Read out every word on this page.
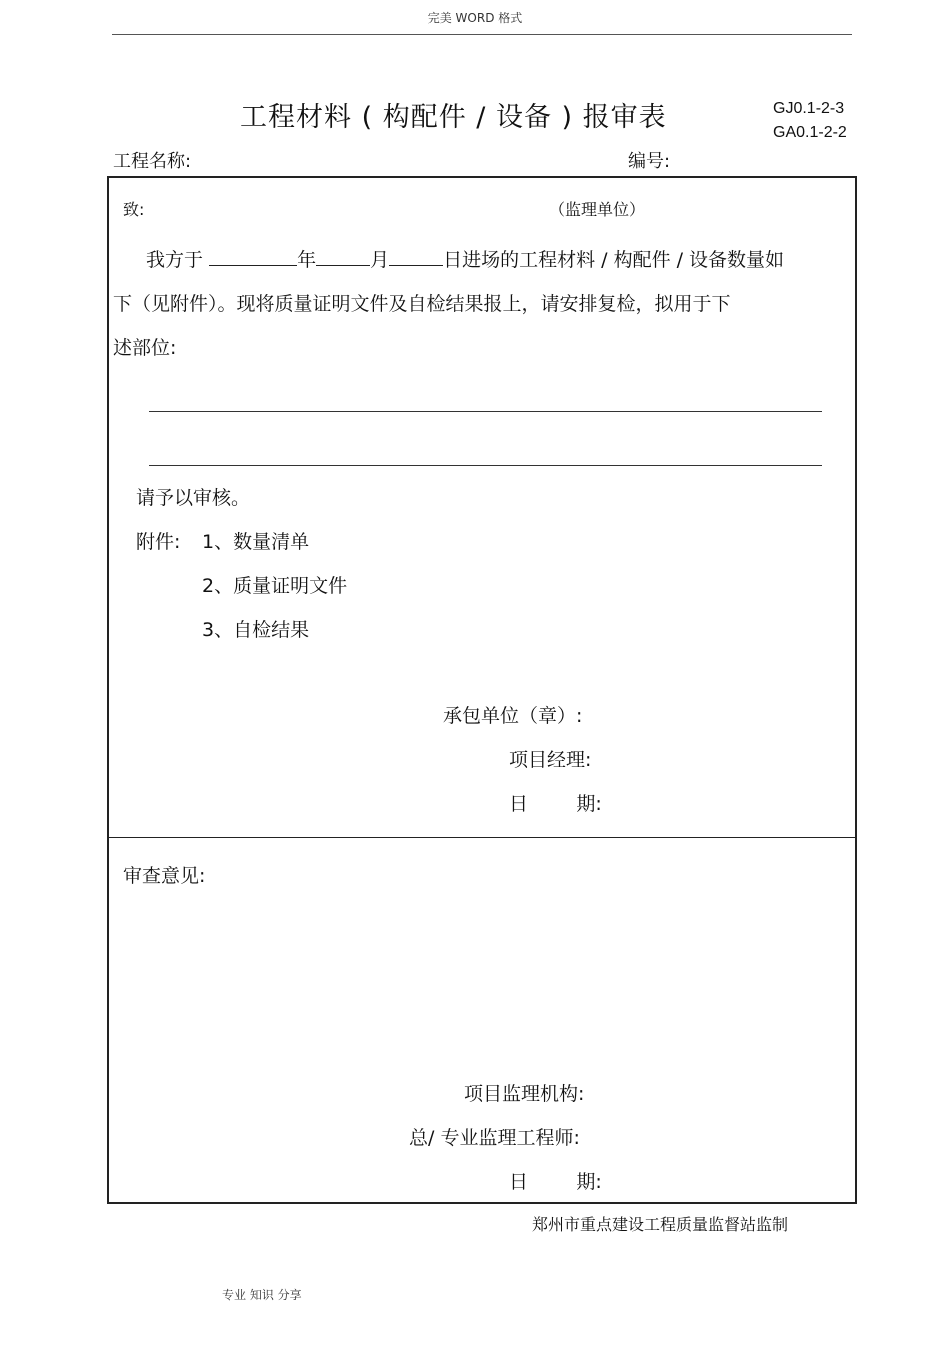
完美 WORD 格式
工程材料 ( 构配件 / 设备 ) 报审表	GJ0.1-2-3
GA0.1-2-2
工程名称:	编号:
致:	（监理单位）
我方于	年	月	日进场的工程材料 / 构配件 / 设备数量如
下（见附件）。现将质量证明文件及自检结果报上，请安排复检，拟用于下
述部位:
请予以审核。
附件: 1、数量清单
2、质量证明文件
3、自检结果
承包单位（章）:
项目经理:
日        期:
审查意见:
项目监理机构:
总/ 专业监理工程师:
日        期:
郑州市重点建设工程质量监督站监制
专业 知识 分享
